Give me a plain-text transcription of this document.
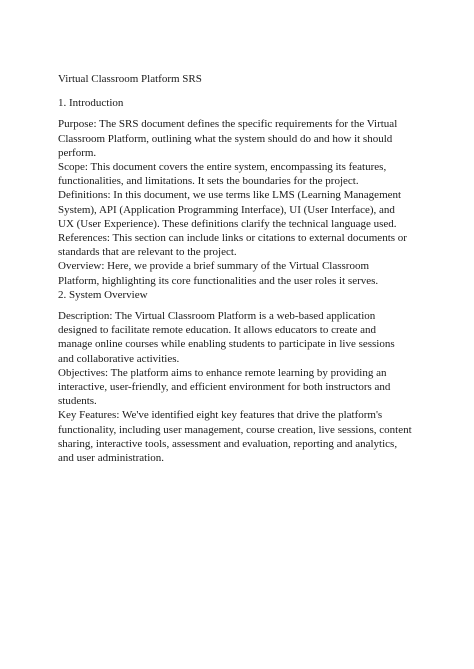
Virtual Classroom Platform SRS

1. Introduction

Purpose: The SRS document defines the specific requirements for the Virtual
Classroom Platform, outlining what the system should do and how it should
perform.

Scope: This document covers the entire system, encompassing its features,
functionalities, and limitations. It sets the boundaries for the project.

Definitions: In this document, we use terms like LMS (Learning Management
System), API (Application Programming Interface), UI (User Interface), and
UX (User Experience). These definitions clarify the technical language used.

References: This section can include links or citations to external documents or
standards that are relevant to the project.

Overview: Here, we provide a brief summary of the Virtual Classroom
Platform, highlighting its core functionalities and the user roles it serves.

2. System Overview

Description: The Virtual Classroom Platform is a web-based application
designed to facilitate remote education. It allows educators to create and
manage online courses while enabling students to participate in live sessions
and collaborative activities.

Objectives: The platform aims to enhance remote learning by providing an
interactive, user-friendly, and efficient environment for both instructors and
students.

Key Features: We've identified eight key features that drive the platform's
functionality, including user management, course creation, live sessions, content
sharing, interactive tools, assessment and evaluation, reporting and analytics,
and user administration.
